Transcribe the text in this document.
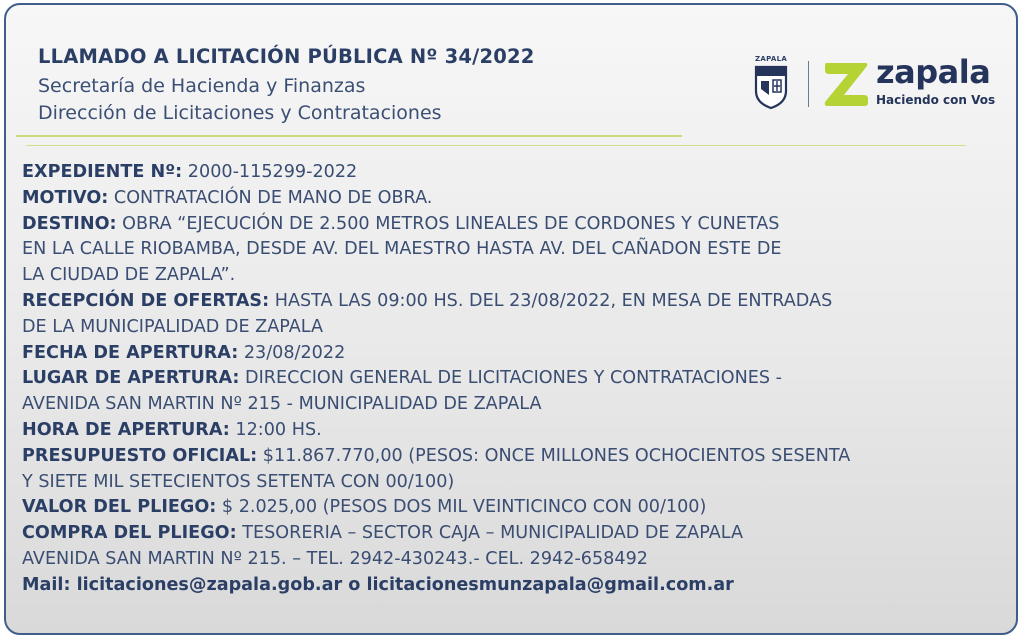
LLAMADO A LICITACIÓN PÚBLICA Nº 34/2022
Secretaría de Hacienda y Finanzas
Dirección de Licitaciones y Contrataciones
ZAPALA	zapala
Haciendo con Vos
EXPEDIENTE Nº: 2000-115299-2022
MOTIVO: CONTRATACIÓN DE MANO DE OBRA.
DESTINO: OBRA “EJECUCIÓN DE 2.500 METROS LINEALES DE CORDONES Y CUNETAS
EN LA CALLE RIOBAMBA, DESDE AV. DEL MAESTRO HASTA AV. DEL CAÑADON ESTE DE
LA CIUDAD DE ZAPALA”.
RECEPCIÓN DE OFERTAS: HASTA LAS 09:00 HS. DEL 23/08/2022, EN MESA DE ENTRADAS
DE LA MUNICIPALIDAD DE ZAPALA
FECHA DE APERTURA: 23/08/2022
LUGAR DE APERTURA: DIRECCION GENERAL DE LICITACIONES Y CONTRATACIONES -
AVENIDA SAN MARTIN Nº 215 - MUNICIPALIDAD DE ZAPALA
HORA DE APERTURA: 12:00 HS.
PRESUPUESTO OFICIAL: $11.867.770,00 (PESOS: ONCE MILLONES OCHOCIENTOS SESENTA
Y SIETE MIL SETECIENTOS SETENTA CON 00/100)
VALOR DEL PLIEGO: $ 2.025,00 (PESOS DOS MIL VEINTICINCO CON 00/100)
COMPRA DEL PLIEGO: TESORERIA – SECTOR CAJA – MUNICIPALIDAD DE ZAPALA
AVENIDA SAN MARTIN Nº 215. – TEL. 2942-430243.- CEL. 2942-658492
Mail: licitaciones@zapala.gob.ar o licitacionesmunzapala@gmail.com.ar
